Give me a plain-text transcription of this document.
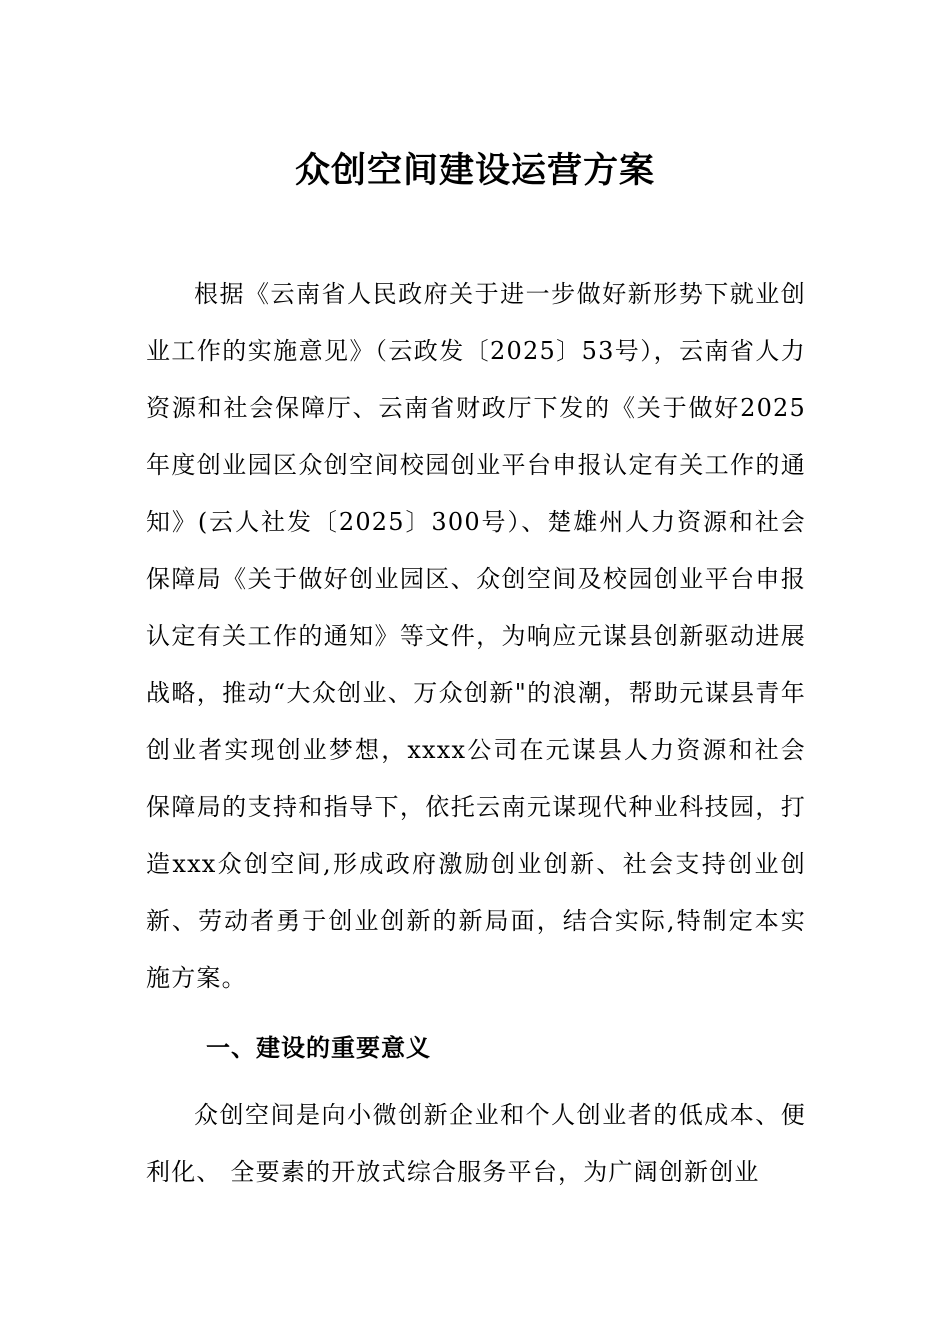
众创空间建设运营方案

根据《云南省人民政府关于进一步做好新形势下就业创业工作的实施意见》（云政发〔2025〕53号），云南省人力资源和社会保障厅、云南省财政厅下发的《关于做好2025年度创业园区众创空间校园创业平台申报认定有关工作的通知》(云人社发〔2025〕300号）、楚雄州人力资源和社会保障局《关于做好创业园区、众创空间及校园创业平台申报认定有关工作的通知》等文件，为响应元谋县创新驱动进展战略，推动“大众创业、万众创新"的浪潮，帮助元谋县青年创业者实现创业梦想，xxxx公司在元谋县人力资源和社会保障局的支持和指导下，依托云南元谋现代种业科技园，打造xxx众创空间,形成政府激励创业创新、社会支持创业创新、劳动者勇于创业创新的新局面，结合实际,特制定本实施方案。

一、建设的重要意义

众创空间是向小微创新企业和个人创业者的低成本、便利化、 全要素的开放式综合服务平台，为广阔创新创业
